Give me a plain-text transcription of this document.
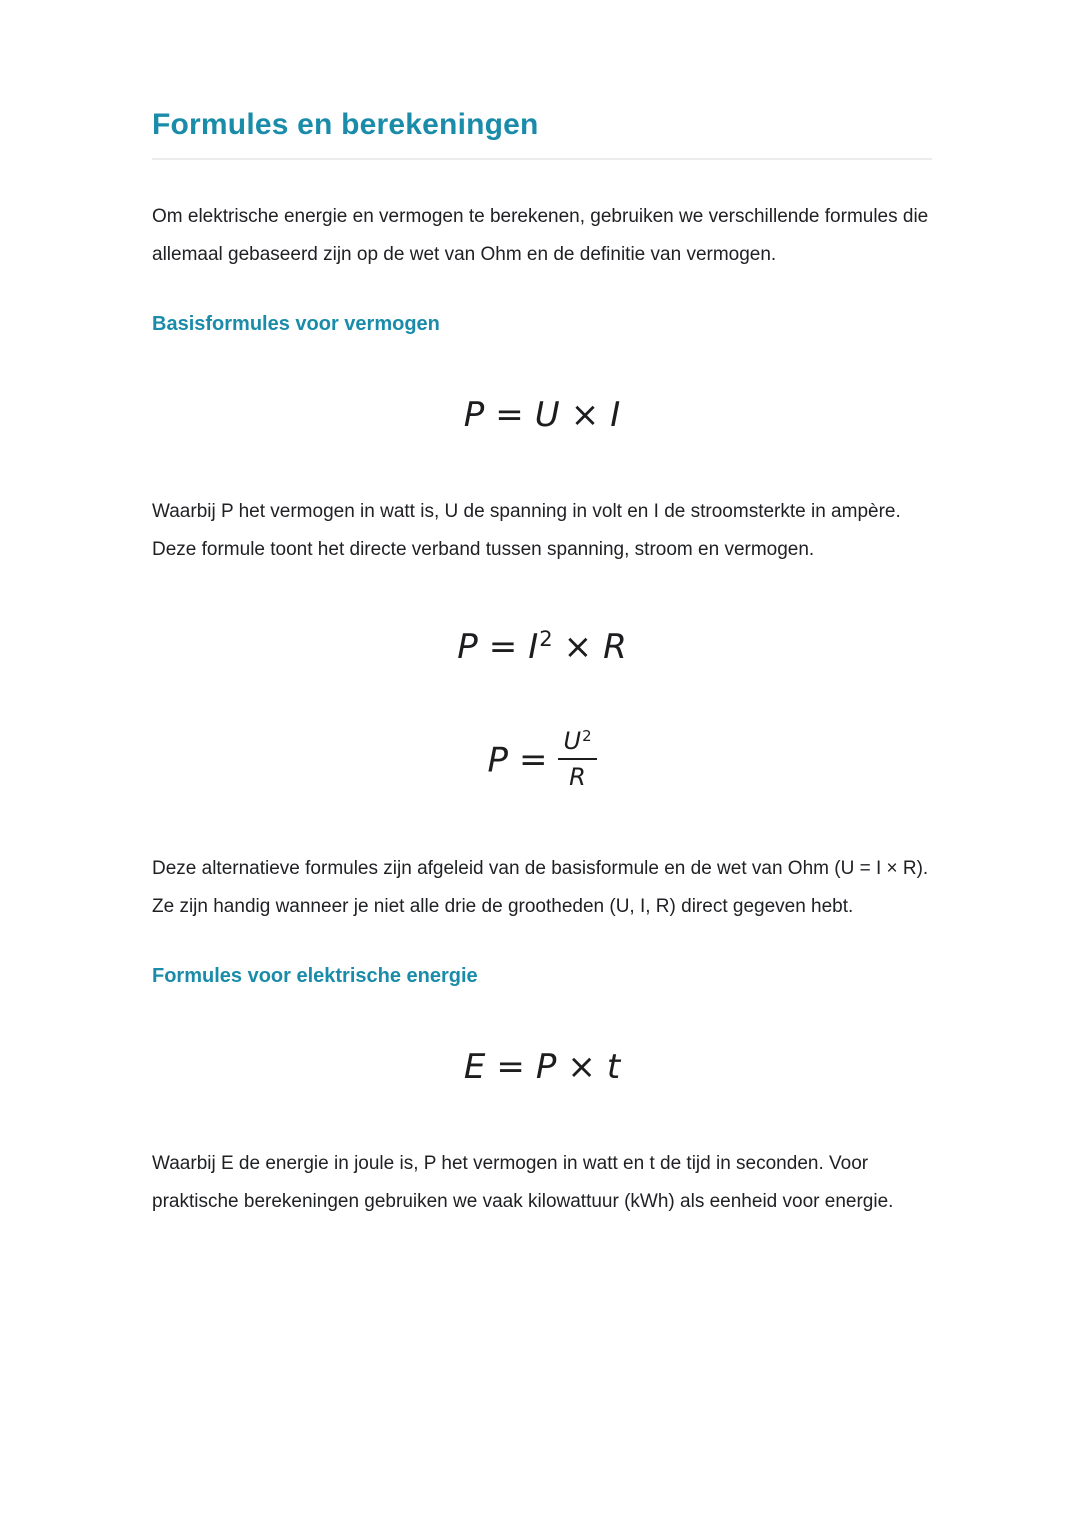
Formules en berekeningen

Om elektrische energie en vermogen te berekenen, gebruiken we verschillende formules die allemaal gebaseerd zijn op de wet van Ohm en de definitie van vermogen.

Basisformules voor vermogen
P = U × I

Waarbij P het vermogen in watt is, U de spanning in volt en I de stroomsterkte in ampère. Deze formule toont het directe verband tussen spanning, stroom en vermogen.

$P = I^2 \times R$
$P = \frac{U^2}{R}$

Deze alternatieve formules zijn afgeleid van de basisformule en de wet van Ohm (U = I × R). Ze zijn handig wanneer je niet alle drie de grootheden (U, I, R) direct gegeven hebt.

Formules voor elektrische energie
E = P × t

Waarbij E de energie in joule is, P het vermogen in watt en t de tijd in seconden. Voor praktische berekeningen gebruiken we vaak kilowattuur (kWh) als eenheid voor energie.
